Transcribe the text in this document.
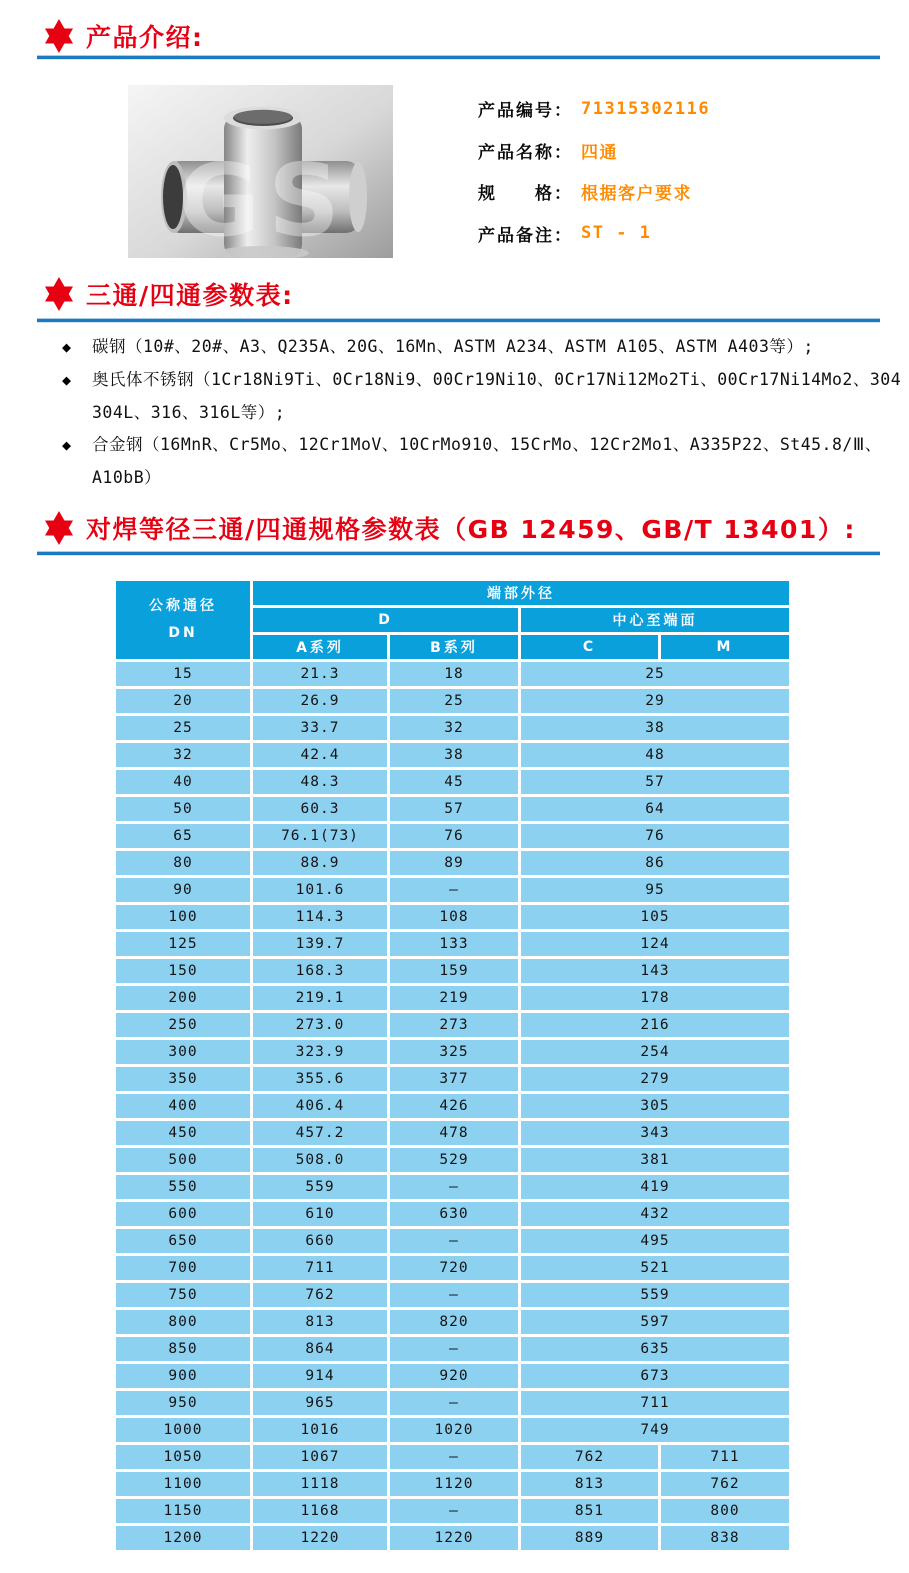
产品介绍:
GS
产品编号： 71315302116
产品名称： 四通
规　　格： 根据客户要求
产品备注： ST - 1
三通/四通参数表:
◆ 碳钢（10#、20#、A3、Q235A、20G、16Mn、ASTM A234、ASTM A105、ASTM A403等）;
◆ 奥氏体不锈钢（1Cr18Ni9Ti、0Cr18Ni9、00Cr19Ni10、0Cr17Ni12Mo2Ti、00Cr17Ni14Mo2、304
304L、316、316L等）;
◆ 合金钢（16MnR、Cr5Mo、12Cr1MoV、10CrMo910、15CrMo、12Cr2Mo1、A335P22、St45.8/Ⅲ、
A10bB）
对焊等径三通/四通规格参数表（GB 12459、GB/T 13401）:
公称通径
DN	端部外径			
	D		中心至端面	
	A系列	B系列	C	M
15	21.3	18	25	
20	26.9	25	29	
25	33.7	32	38	
32	42.4	38	48	
40	48.3	45	57	
50	60.3	57	64	
65	76.1(73)	76	76	
80	88.9	89	86	
90	101.6	—	95	
100	114.3	108	105	
125	139.7	133	124	
150	168.3	159	143	
200	219.1	219	178	
250	273.0	273	216	
300	323.9	325	254	
350	355.6	377	279	
400	406.4	426	305	
450	457.2	478	343	
500	508.0	529	381	
550	559	—	419	
600	610	630	432	
650	660	—	495	
700	711	720	521	
750	762	—	559	
800	813	820	597	
850	864	—	635	
900	914	920	673	
950	965	—	711	
1000	1016	1020	749	
1050	1067	—	762	711
1100	1118	1120	813	762
1150	1168	—	851	800
1200	1220	1220	889	838
